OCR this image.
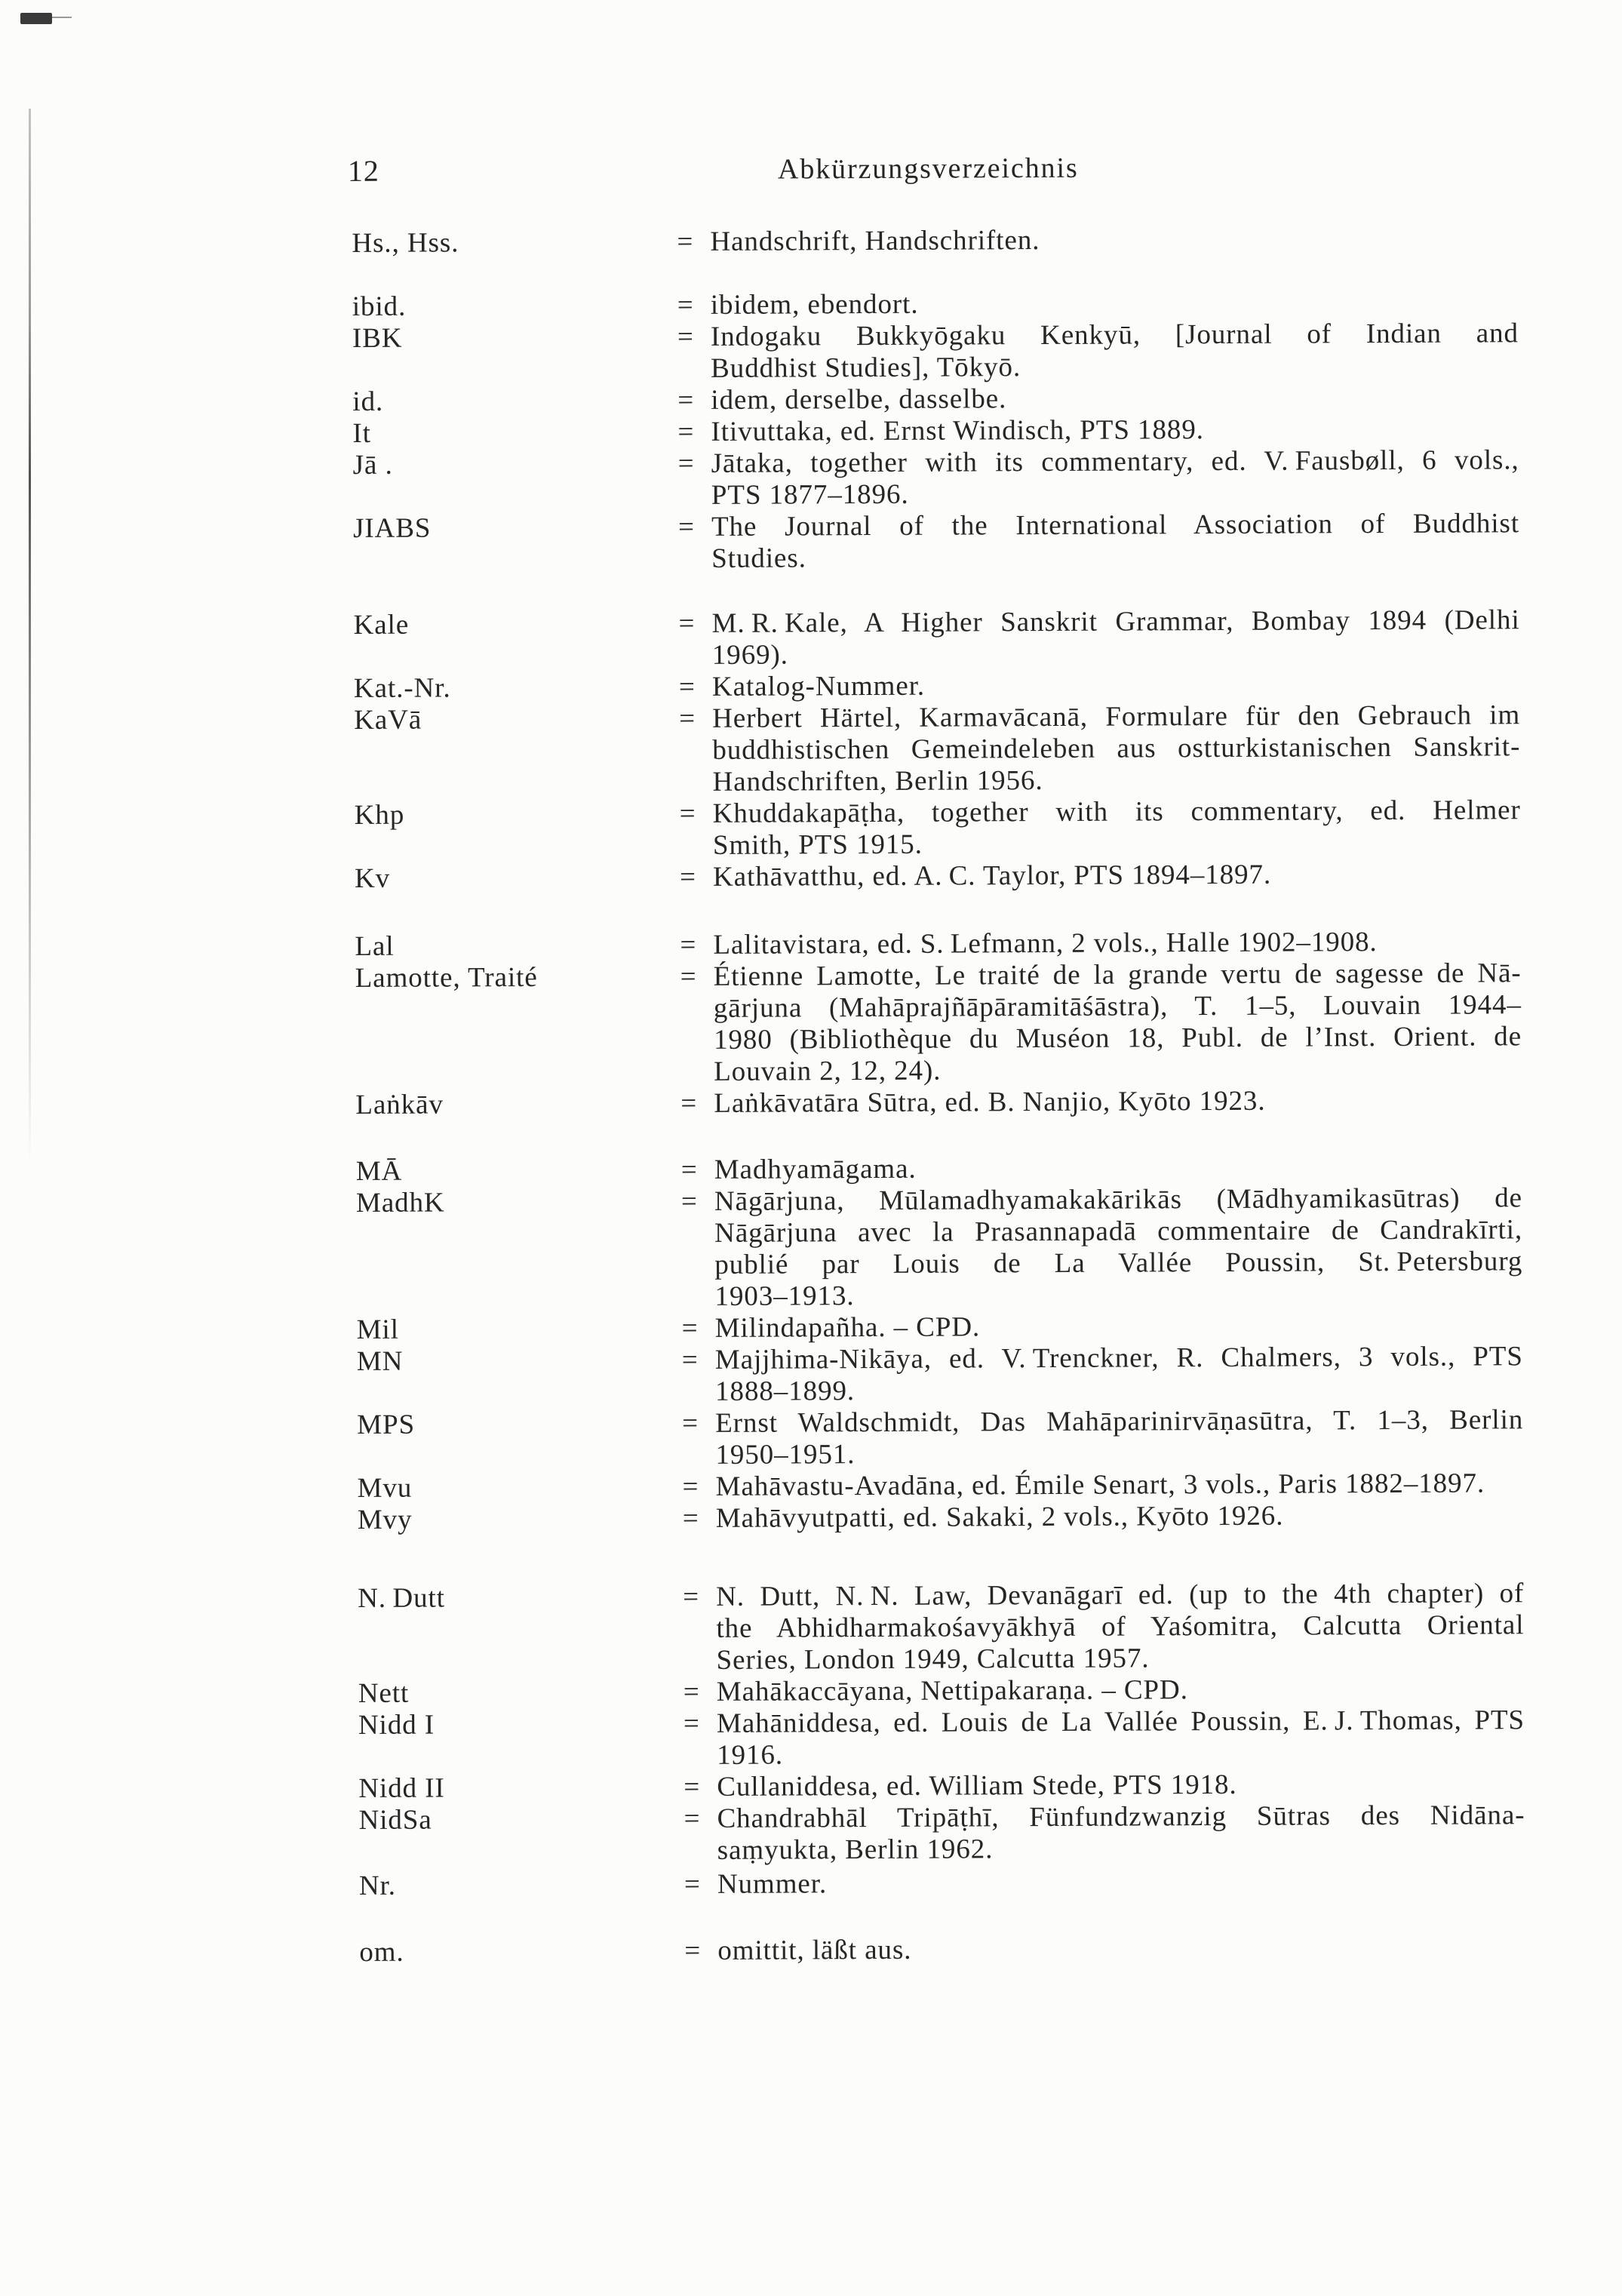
12	Abkürzungsverzeichnis
Hs., Hss.	= Handschrift, Handschriften.
ibid.	= ibidem, ebendort.
IBK	= Indogaku Bukkyōgaku Kenkyū, [Journal of Indian and
Buddhist Studies], Tōkyō.
id.	= idem, derselbe, dasselbe.
It	= Itivuttaka, ed. Ernst Windisch, PTS 1889.
Jā .	= Jātaka, together with its commentary, ed. V. Fausbøll, 6 vols.,
PTS 1877–1896.
JIABS	= The Journal of the International Association of Buddhist
Studies.
Kale	= M. R. Kale, A Higher Sanskrit Grammar, Bombay 1894 (Delhi
1969).
Kat.-Nr.	= Katalog-Nummer.
KaVā	= Herbert Härtel, Karmavācanā, Formulare für den Gebrauch im
buddhistischen Gemeindeleben aus ostturkistanischen Sanskrit-
Handschriften, Berlin 1956.
Khp	= Khuddakapāṭha, together with its commentary, ed. Helmer
Smith, PTS 1915.
Kv	= Kathāvatthu, ed. A. C. Taylor, PTS 1894–1897.
Lal	= Lalitavistara, ed. S. Lefmann, 2 vols., Halle 1902–1908.
Lamotte, Traité	= Étienne Lamotte, Le traité de la grande vertu de sagesse de Nā-
gārjuna (Mahāprajñāpāramitāśāstra), T. 1–5, Louvain 1944–
1980 (Bibliothèque du Muséon 18, Publ. de l’Inst. Orient. de
Louvain 2, 12, 24).
Laṅkāv	= Laṅkāvatāra Sūtra, ed. B. Nanjio, Kyōto 1923.
MĀ	= Madhyamāgama.
MadhK	= Nāgārjuna, Mūlamadhyamakakārikās (Mādhyamikasūtras) de
Nāgārjuna avec la Prasannapadā commentaire de Candrakīrti,
publié par Louis de La Vallée Poussin, St. Petersburg
1903–1913.
Mil	= Milindapañha. – CPD.
MN	= Majjhima-Nikāya, ed. V. Trenckner, R. Chalmers, 3 vols., PTS
1888–1899.
MPS	= Ernst Waldschmidt, Das Mahāparinirvāṇasūtra, T. 1–3, Berlin
1950–1951.
Mvu	= Mahāvastu-Avadāna, ed. Émile Senart, 3 vols., Paris 1882–1897.
Mvy	= Mahāvyutpatti, ed. Sakaki, 2 vols., Kyōto 1926.
N. Dutt	= N. Dutt, N. N. Law, Devanāgarī ed. (up to the 4th chapter) of
the Abhidharmakośavyākhyā of Yaśomitra, Calcutta Oriental
Series, London 1949, Calcutta 1957.
Nett	= Mahākaccāyana, Nettipakaraṇa. – CPD.
Nidd I	= Mahāniddesa, ed. Louis de La Vallée Poussin, E. J. Thomas, PTS
1916.
Nidd II	= Cullaniddesa, ed. William Stede, PTS 1918.
NidSa	= Chandrabhāl Tripāṭhī, Fünfundzwanzig Sūtras des Nidāna-
saṃyukta, Berlin 1962.
Nr.	= Nummer.
om.	= omittit, läßt aus.
